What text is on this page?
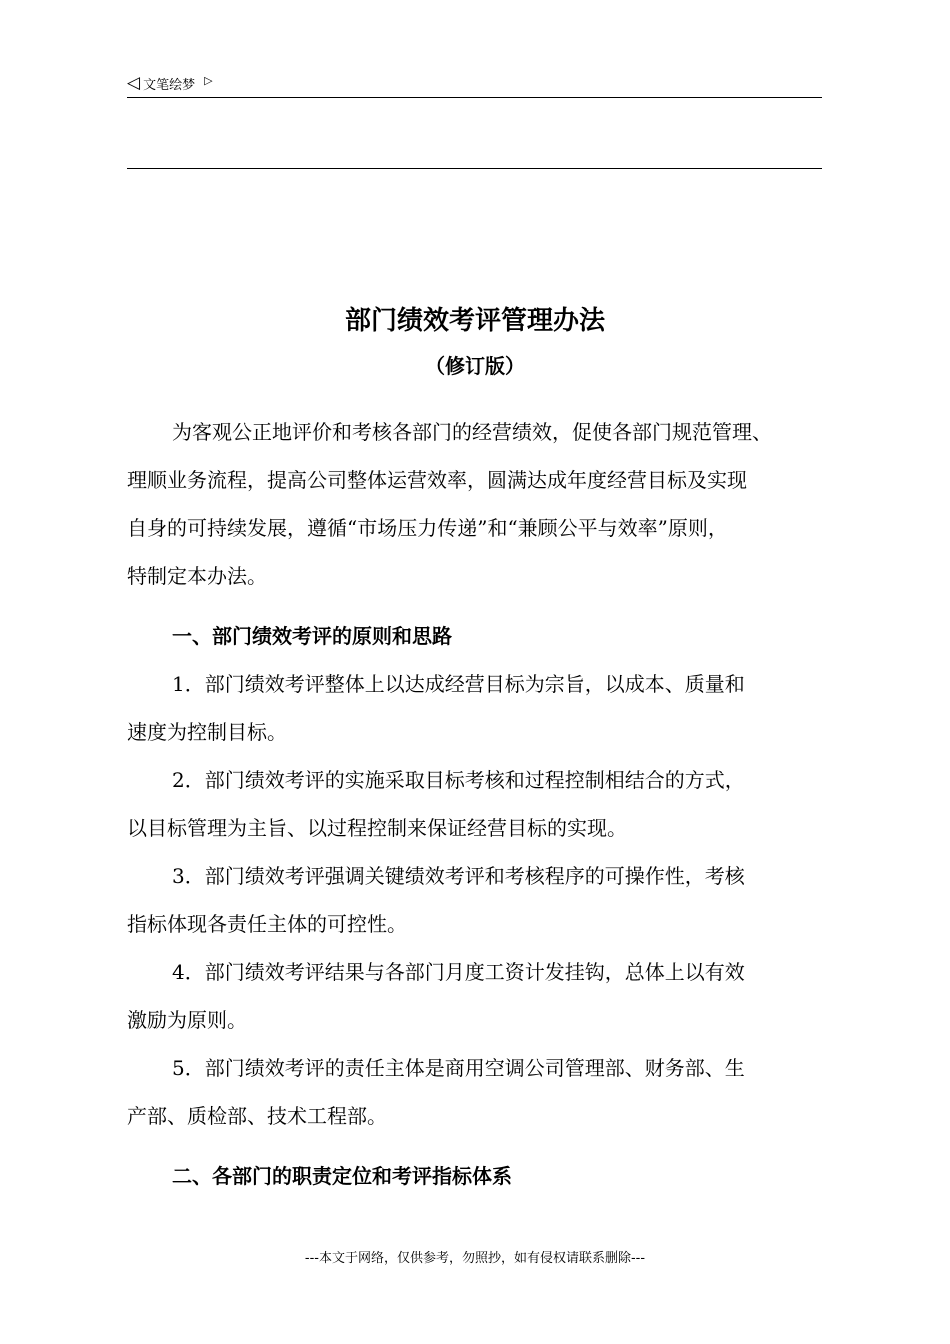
◁ 文笔绘梦 ▷
部门绩效考评管理办法
（修订版）
为客观公正地评价和考核各部门的经营绩效，促使各部门规范管理、
理顺业务流程，提高公司整体运营效率，圆满达成年度经营目标及实现
自身的可持续发展，遵循“市场压力传递”和“兼顾公平与效率”原则，
特制定本办法。
一、部门绩效考评的原则和思路
1．部门绩效考评整体上以达成经营目标为宗旨，以成本、质量和
速度为控制目标。
2．部门绩效考评的实施采取目标考核和过程控制相结合的方式，
以目标管理为主旨、以过程控制来保证经营目标的实现。
3．部门绩效考评强调关键绩效考评和考核程序的可操作性，考核
指标体现各责任主体的可控性。
4．部门绩效考评结果与各部门月度工资计发挂钩，总体上以有效
激励为原则。
5．部门绩效考评的责任主体是商用空调公司管理部、财务部、生
产部、质检部、技术工程部。
二、各部门的职责定位和考评指标体系
---本文于网络，仅供参考，勿照抄，如有侵权请联系删除---
